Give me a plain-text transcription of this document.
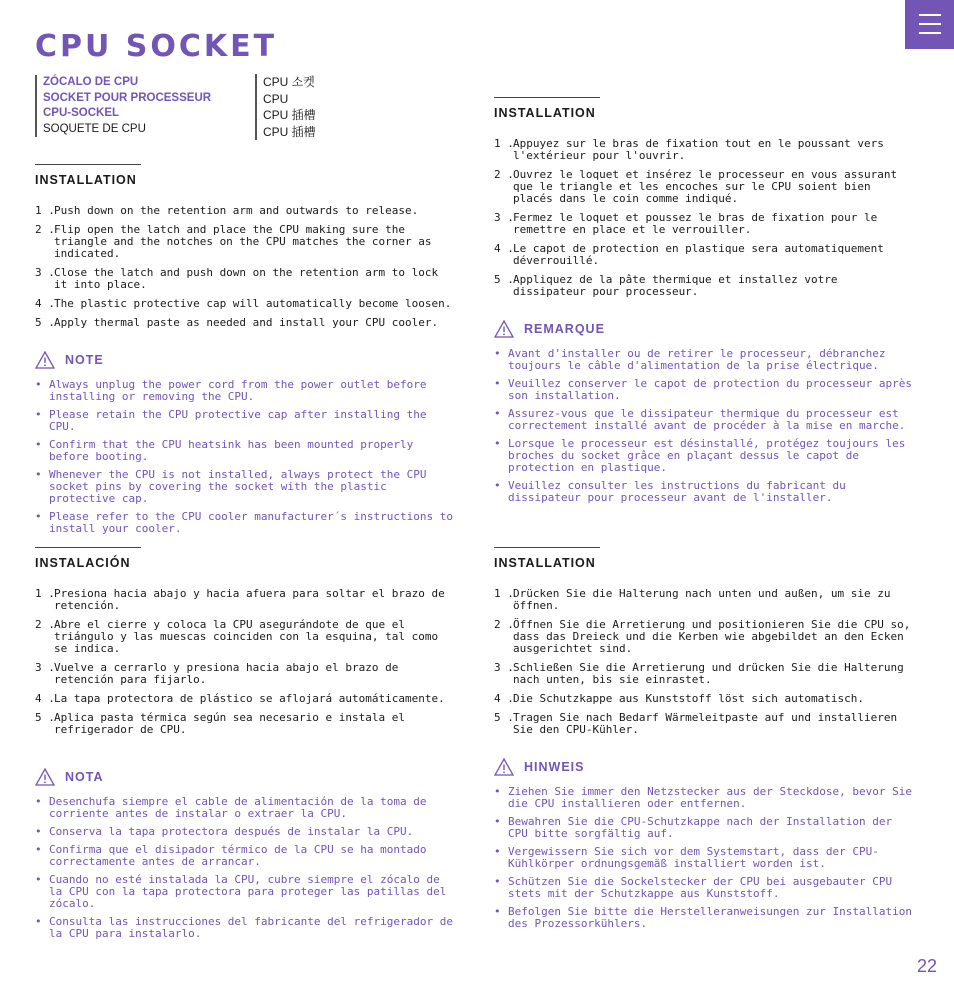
CPU SOCKET
ZÓCALO DE CPU
SOCKET POUR PROCESSEUR
CPU-SOCKEL
SOQUETE DE CPU
CPU 소켓
CPU
CPU 插槽
CPU 插槽
INSTALLATION
1 . Push down on the retention arm and outwards to release.
2 . Flip open the latch and place the CPU making sure the triangle and the notches on the CPU matches the corner as indicated.
3 . Close the latch and push down on the retention arm to lock it into place.
4 . The plastic protective cap will automatically become loosen.
5 . Apply thermal paste as needed and install your CPU cooler.
NOTE
• Always unplug the power cord from the power outlet before installing or removing the CPU.
• Please retain the CPU protective cap after installing the CPU.
• Confirm that the CPU heatsink has been mounted properly before booting.
• Whenever the CPU is not installed, always protect the CPU socket pins by covering the socket with the plastic protective cap.
• Please refer to the CPU cooler manufacturer´s instructions to install your cooler.
INSTALLATION
1 . Appuyez sur le bras de fixation tout en le poussant vers l'extérieur pour l'ouvrir.
2 . Ouvrez le loquet et insérez le processeur en vous assurant que le triangle et les encoches sur le CPU soient bien placés dans le coin comme indiqué.
3 . Fermez le loquet et poussez le bras de fixation pour le remettre en place et le verrouiller.
4 . Le capot de protection en plastique sera automatiquement déverrouillé.
5 . Appliquez de la pâte thermique et installez votre dissipateur pour processeur.
REMARQUE
• Avant d'installer ou de retirer le processeur, débranchez toujours le câble d'alimentation de la prise électrique.
• Veuillez conserver le capot de protection du processeur après son installation.
• Assurez-vous que le dissipateur thermique du processeur est correctement installé avant de procéder à la mise en marche.
• Lorsque le processeur est désinstallé, protégez toujours les broches du socket grâce en plaçant dessus le capot de protection en plastique.
• Veuillez consulter les instructions du fabricant du dissipateur pour processeur avant de l'installer.
INSTALACIÓN
1 . Presiona hacia abajo y hacia afuera para soltar el brazo de retención.
2 . Abre el cierre y coloca la CPU asegurándote de que el triángulo y las muescas coinciden con la esquina, tal como se indica.
3 . Vuelve a cerrarlo y presiona hacia abajo el brazo de retención para fijarlo.
4 . La tapa protectora de plástico se aflojará automáticamente.
5 . Aplica pasta térmica según sea necesario e instala el refrigerador de CPU.
NOTA
• Desenchufa siempre el cable de alimentación de la toma de corriente antes de instalar o extraer la CPU.
• Conserva la tapa protectora después de instalar la CPU.
• Confirma que el disipador térmico de la CPU se ha montado correctamente antes de arrancar.
• Cuando no esté instalada la CPU, cubre siempre el zócalo de la CPU con la tapa protectora para proteger las patillas del zócalo.
• Consulta las instrucciones del fabricante del refrigerador de la CPU para instalarlo.
INSTALLATION
1 . Drücken Sie die Halterung nach unten und außen, um sie zu öffnen.
2 . Öffnen Sie die Arretierung und positionieren Sie die CPU so, dass das Dreieck und die Kerben wie abgebildet an den Ecken ausgerichtet sind.
3 . Schließen Sie die Arretierung und drücken Sie die Halterung nach unten, bis sie einrastet.
4 . Die Schutzkappe aus Kunststoff löst sich automatisch.
5 . Tragen Sie nach Bedarf Wärmeleitpaste auf und installieren Sie den CPU-Kühler.
HINWEIS
• Ziehen Sie immer den Netzstecker aus der Steckdose, bevor Sie die CPU installieren oder entfernen.
• Bewahren Sie die CPU-Schutzkappe nach der Installation der CPU bitte sorgfältig auf.
• Vergewissern Sie sich vor dem Systemstart, dass der CPU-Kühlkörper ordnungsgemäß installiert worden ist.
• Schützen Sie die Sockelstecker der CPU bei ausgebauter CPU stets mit der Schutzkappe aus Kunststoff.
• Befolgen Sie bitte die Herstelleranweisungen zur Installation des Prozessorkühlers.
22
